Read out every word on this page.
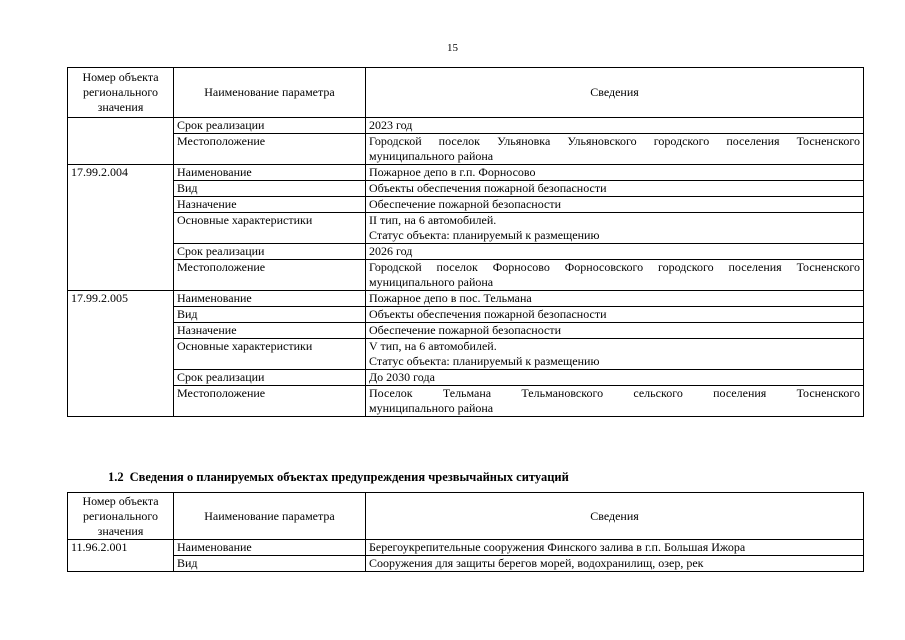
15
Номер объекта регионального значения	Наименование параметра	Сведения
	Срок реализации	2023 год
	Местоположение	Городской поселок Ульяновка Ульяновского городского поселения Тосненского
муниципального района

17.99.2.004	Наименование	Пожарное депо в г.п. Форносово
	Вид	Объекты обеспечения пожарной безопасности
	Назначение	Обеспечение пожарной безопасности
	Основные характеристики	II тип, на 6 автомобилей.
Статус объекта: планируемый к размещению

	Срок реализации	2026 год
	Местоположение	Городской поселок Форносово Форносовского городского поселения Тосненского
муниципального района

17.99.2.005	Наименование	Пожарное депо в пос. Тельмана
	Вид	Объекты обеспечения пожарной безопасности
	Назначение	Обеспечение пожарной безопасности
	Основные характеристики	V тип, на 6 автомобилей.
Статус объекта: планируемый к размещению

	Срок реализации	До 2030 года
	Местоположение	Поселок Тельмана Тельмановского сельского поселения Тосненского
муниципального района
1.2 Сведения о планируемых объектах предупреждения чрезвычайных ситуаций
Номер объекта регионального значения	Наименование параметра	Сведения
11.96.2.001	Наименование	Берегоукрепительные сооружения Финского залива в г.п. Большая Ижора
	Вид	Сооружения для защиты берегов морей, водохранилищ, озер, рек
